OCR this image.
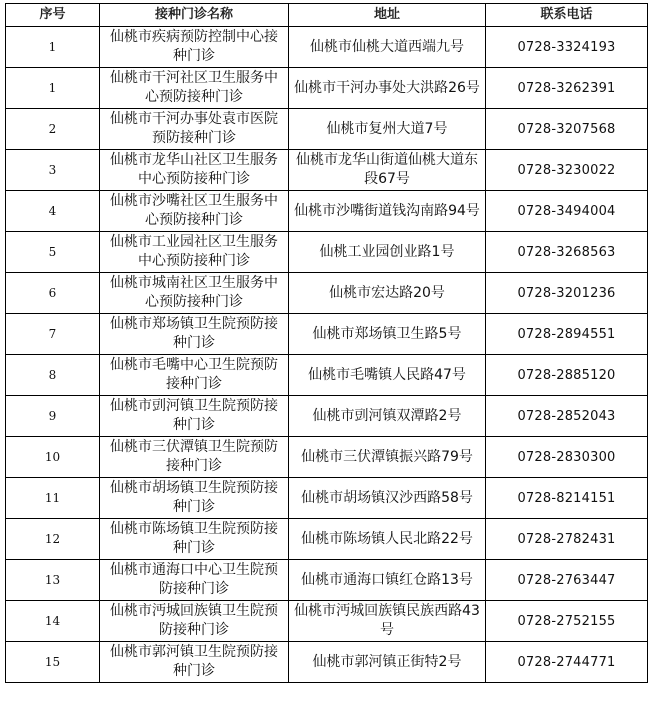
序号	接种门诊名称	地址	联系电话
1	仙桃市疾病预防控制中心接种门诊	仙桃市仙桃大道西端九号	0728-3324193
1	仙桃市干河社区卫生服务中心预防接种门诊	仙桃市干河办事处大洪路26号	0728-3262391
2	仙桃市干河办事处袁市医院预防接种门诊	仙桃市复州大道7号	0728-3207568
3	仙桃市龙华山社区卫生服务中心预防接种门诊	仙桃市龙华山街道仙桃大道东段67号	0728-3230022
4	仙桃市沙嘴社区卫生服务中心预防接种门诊	仙桃市沙嘴街道钱沟南路94号	0728-3494004
5	仙桃市工业园社区卫生服务中心预防接种门诊	仙桃工业园创业路1号	0728-3268563
6	仙桃市城南社区卫生服务中心预防接种门诊	仙桃市宏达路20号	0728-3201236
7	仙桃市郑场镇卫生院预防接种门诊	仙桃市郑场镇卫生路5号	0728-2894551
8	仙桃市毛嘴中心卫生院预防接种门诊	仙桃市毛嘴镇人民路47号	0728-2885120
9	仙桃市剅河镇卫生院预防接种门诊	仙桃市剅河镇双潭路2号	0728-2852043
10	仙桃市三伏潭镇卫生院预防接种门诊	仙桃市三伏潭镇振兴路79号	0728-2830300
11	仙桃市胡场镇卫生院预防接种门诊	仙桃市胡场镇汉沙西路58号	0728-8214151
12	仙桃市陈场镇卫生院预防接种门诊	仙桃市陈场镇人民北路22号	0728-2782431
13	仙桃市通海口中心卫生院预防接种门诊	仙桃市通海口镇红仓路13号	0728-2763447
14	仙桃市沔城回族镇卫生院预防接种门诊	仙桃市沔城回族镇民族西路43号	0728-2752155
15	仙桃市郭河镇卫生院预防接种门诊	仙桃市郭河镇正街特2号	0728-2744771
